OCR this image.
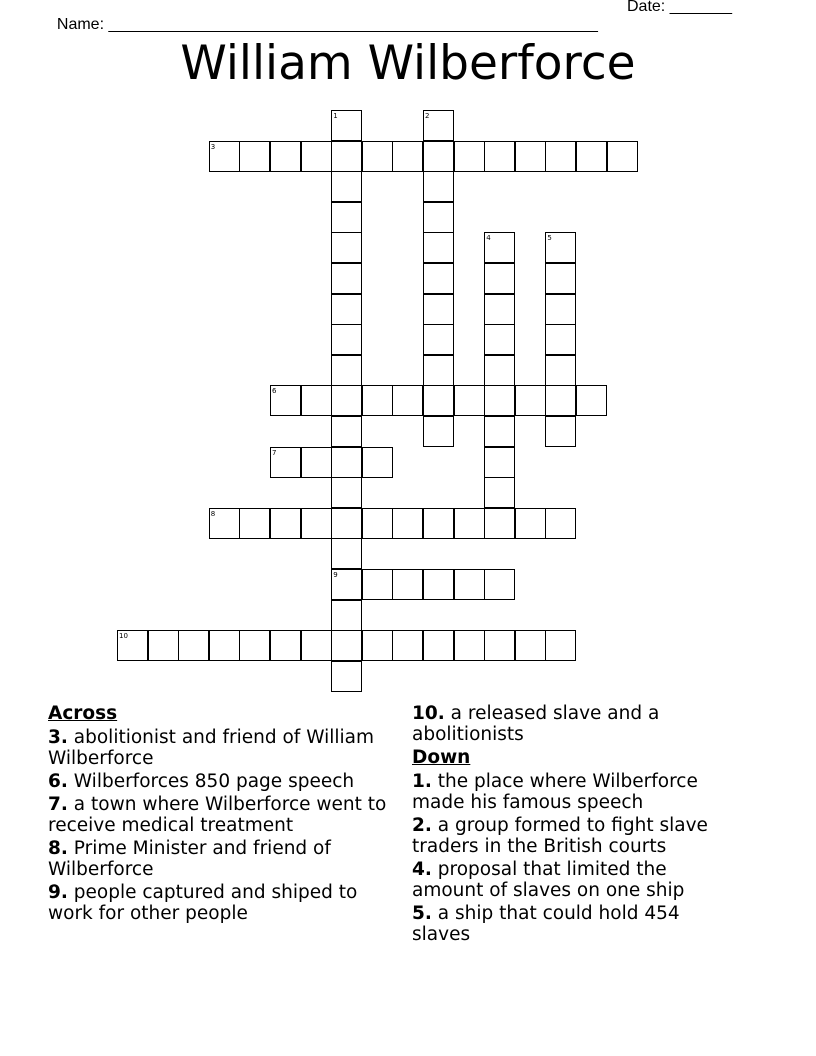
Name: _______________________________________________________

Date: _______

William Wilberforce
1	2
3
4	5
6
7
8
9
10
Across
3. abolitionist and friend of William Wilberforce
6. Wilberforces 850 page speech
7. a town where Wilberforce went to receive medical treatment
8. Prime Minister and friend of Wilberforce
9. people captured and shiped to work for other people
10. a released slave and a abolitionists
Down
1. the place where Wilberforce made his famous speech
2. a group formed to fight slave traders in the British courts
4. proposal that limited the amount of slaves on one ship
5. a ship that could hold 454 slaves
